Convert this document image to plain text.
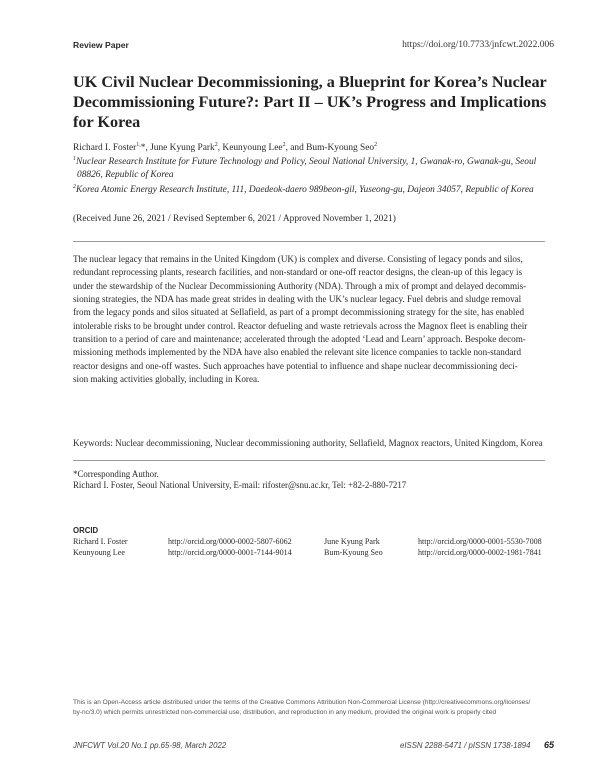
Review Paper	https://doi.org/10.7733/jnfcwt.2022.006
UK Civil Nuclear Decommissioning, a Blueprint for Korea’s Nuclear Decommissioning Future?: Part II – UK’s Progress and Implications for Korea
Richard I. Foster$^{1,}$*, June Kyung Park$^2$, Keunyoung Lee$^2$, and Bum-Kyoung Seo$^2$
$^1$Nuclear Research Institute for Future Technology and Policy, Seoul National University, 1, Gwanak-ro, Gwanak-gu, Seoul
08826, Republic of Korea
$^2$Korea Atomic Energy Research Institute, 111, Daedeok-daero 989beon-gil, Yuseong-gu, Dajeon 34057, Republic of Korea
(Received June 26, 2021 / Revised September 6, 2021 / Approved November 1, 2021)
The nuclear legacy that remains in the United Kingdom (UK) is complex and diverse. Consisting of legacy ponds and silos,
redundant reprocessing plants, research facilities, and non-standard or one-off reactor designs, the clean-up of this legacy is
under the stewardship of the Nuclear Decommissioning Authority (NDA). Through a mix of prompt and delayed decommis-
sioning strategies, the NDA has made great strides in dealing with the UK’s nuclear legacy. Fuel debris and sludge removal
from the legacy ponds and silos situated at Sellafield, as part of a prompt decommissioning strategy for the site, has enabled
intolerable risks to be brought under control. Reactor defueling and waste retrievals across the Magnox fleet is enabling their
transition to a period of care and maintenance; accelerated through the adopted ‘Lead and Learn’ approach. Bespoke decom-
missioning methods implemented by the NDA have also enabled the relevant site licence companies to tackle non-standard
reactor designs and one-off wastes. Such approaches have potential to influence and shape nuclear decommissioning deci-
sion making activities globally, including in Korea.
Keywords: Nuclear decommissioning, Nuclear decommissioning authority, Sellafield, Magnox reactors, United Kingdom, Korea
*Corresponding Author.
Richard I. Foster, Seoul National University, E-mail: rifoster@snu.ac.kr, Tel: +82-2-880-7217
ORCID
Richard I. Foster	http://orcid.org/0000-0002-5807-6062	June Kyung Park	http://orcid.org/0000-0001-5530-7008
Keunyoung Lee	http://orcid.org/0000-0001-7144-9014	Bum-Kyoung Seo	http://orcid.org/0000-0002-1981-7841
This is an Open-Access article distributed under the terms of the Creative Commons Attribution Non-Commercial License (http://creativecommons.org/licenses/
by-nc/3.0) which permits unrestricted non-commercial use, distribution, and reproduction in any medium, provided the original work is properly cited
JNFCWT Vol.20 No.1 pp.65-98, March 2022	eISSN 2288-5471 / pISSN 1738-1894 65
